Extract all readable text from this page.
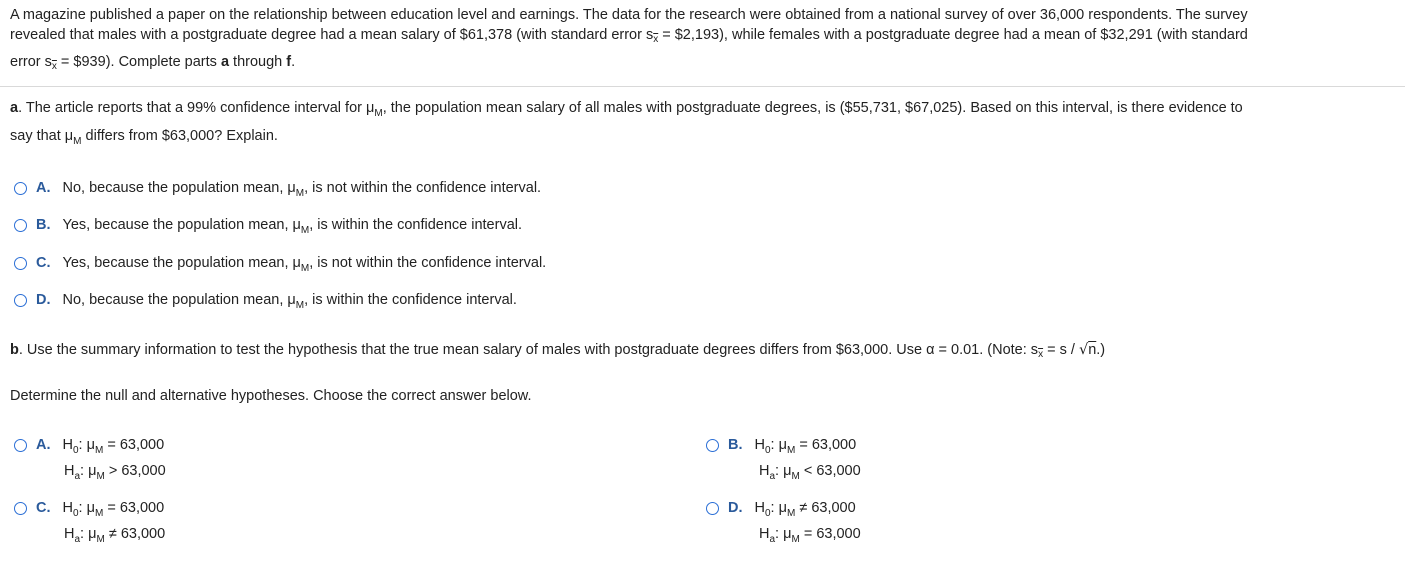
A magazine published a paper on the relationship between education level and earnings. The data for the research were obtained from a national survey of over 36,000 respondents. The survey
revealed that males with a postgraduate degree had a mean salary of $61,378 (with standard error $s_{\overline{x}}$ = $2,193), while females with a postgraduate degree had a mean of $32,291 (with standard
error $s_{\overline{x}}$ = $939). Complete parts a through f.
a. The article reports that a 99% confidence interval for $\mu_M$, the population mean salary of all males with postgraduate degrees, is ($55,731, $67,025). Based on this interval, is there evidence to
say that $\mu_M$ differs from $63,000? Explain.
A. No, because the population mean, $\mu_M$, is not within the confidence interval.
B. Yes, because the population mean, $\mu_M$, is within the confidence interval.
C. Yes, because the population mean, $\mu_M$, is not within the confidence interval.
D. No, because the population mean, $\mu_M$, is within the confidence interval.
b. Use the summary information to test the hypothesis that the true mean salary of males with postgraduate degrees differs from $63,000. Use α = 0.01. (Note: $s_{\overline{x}} = s / √n$.)
Determine the null and alternative hypotheses. Choose the correct answer below.
A. $H_0$: $\mu_M = 63,000$
$H_a$: $\mu_M > 63,000$
B. $H_0$: $\mu_M = 63,000$
$H_a$: $\mu_M < 63,000$
C. $H_0$: $\mu_M = 63,000$
$H_a$: $\mu_M \ne 63,000$
D. $H_0$: $\mu_M \ne 63,000$
$H_a$: $\mu_M = 63,000$
